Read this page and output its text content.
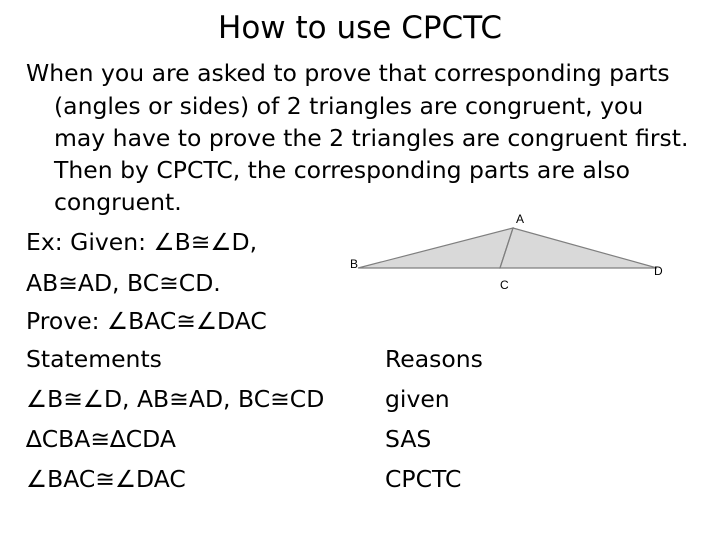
How to use CPCTC
When you are asked to prove that corresponding parts
(angles or sides) of 2 triangles are congruent, you
may have to prove the 2 triangles are congruent first.
Then by CPCTC, the corresponding parts are also
congruent.
Ex: Given: ∠B≅∠D,
AB≅AD, BC≅CD.
Prove: ∠BAC≅∠DAC
Statements	Reasons
∠B≅∠D, AB≅AD, BC≅CD	given
∆CBA≅∆CDA	SAS
∠BAC≅∠DAC	CPCTC
A
B
C
D
